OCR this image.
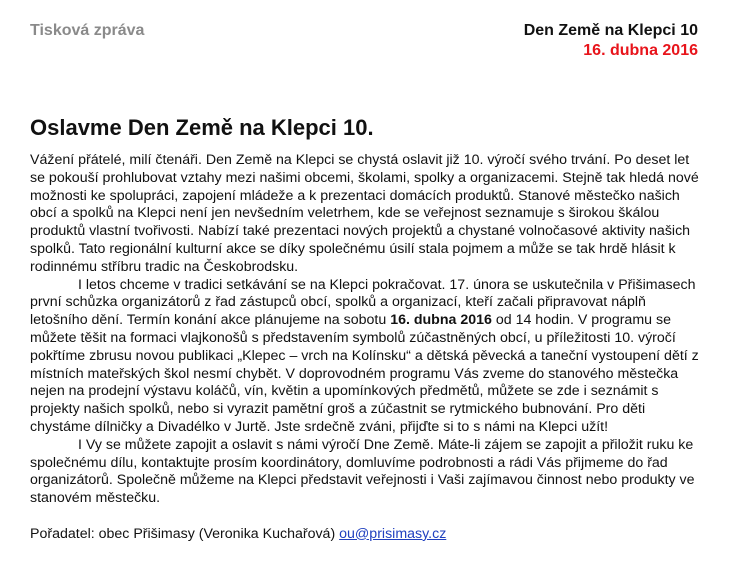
Tisková zpráva	Den Země na Klepci 10
16. dubna 2016
Oslavme Den Země na Klepci 10.

Vážení přátelé, milí čtenáři. Den Země na Klepci se chystá oslavit již 10. výročí svého trvání. Po deset let se pokouší prohlubovat vztahy mezi našimi obcemi, školami, spolky a organizacemi. Stejně tak hledá nové možnosti ke spolupráci, zapojení mládeže a k prezentaci domácích produktů. Stanové městečko našich obcí a spolků na Klepci není jen nevšedním veletrhem, kde se veřejnost seznamuje s širokou škálou produktů vlastní tvořivosti. Nabízí také prezentaci nových projektů a chystané volnočasové aktivity našich spolků. Tato regionální kulturní akce se díky společnému úsilí stala pojmem a může se tak hrdě hlásit k rodinnému stříbru tradic na Českobrodsku.

I letos chceme v tradici setkávání se na Klepci pokračovat. 17. února se uskutečnila v Přišimasech první schůzka organizátorů z řad zástupců obcí, spolků a organizací, kteří začali připravovat náplň letošního dění. Termín konání akce plánujeme na sobotu 16. dubna 2016 od 14 hodin. V programu se můžete těšit na formaci vlajkonošů s představením symbolů zúčastněných obcí, u příležitosti 10. výročí pokřtíme zbrusu novou publikaci „Klepec – vrch na Kolínsku“ a dětská pěvecká a taneční vystoupení dětí z místních mateřských škol nesmí chybět. V doprovodném programu Vás zveme do stanového městečka nejen na prodejní výstavu koláčů, vín, květin a upomínkových předmětů, můžete se zde i seznámit s projekty našich spolků, nebo si vyrazit pamětní groš a zúčastnit se rytmického bubnování. Pro děti chystáme dílničky a Divadélko v Jurtě. Jste srdečně zváni, přijďte si to s námi na Klepci užít!

I Vy se můžete zapojit a oslavit s námi výročí Dne Země. Máte-li zájem se zapojit a přiložit ruku ke společnému dílu, kontaktujte prosím koordinátory, domluvíme podrobnosti a rádi Vás přijmeme do řad organizátorů. Společně můžeme na Klepci představit veřejnosti i Vaši zajímavou činnost nebo produkty ve stanovém městečku.

Pořadatel: obec Přišimasy (Veronika Kuchařová) ou@prisimasy.cz
